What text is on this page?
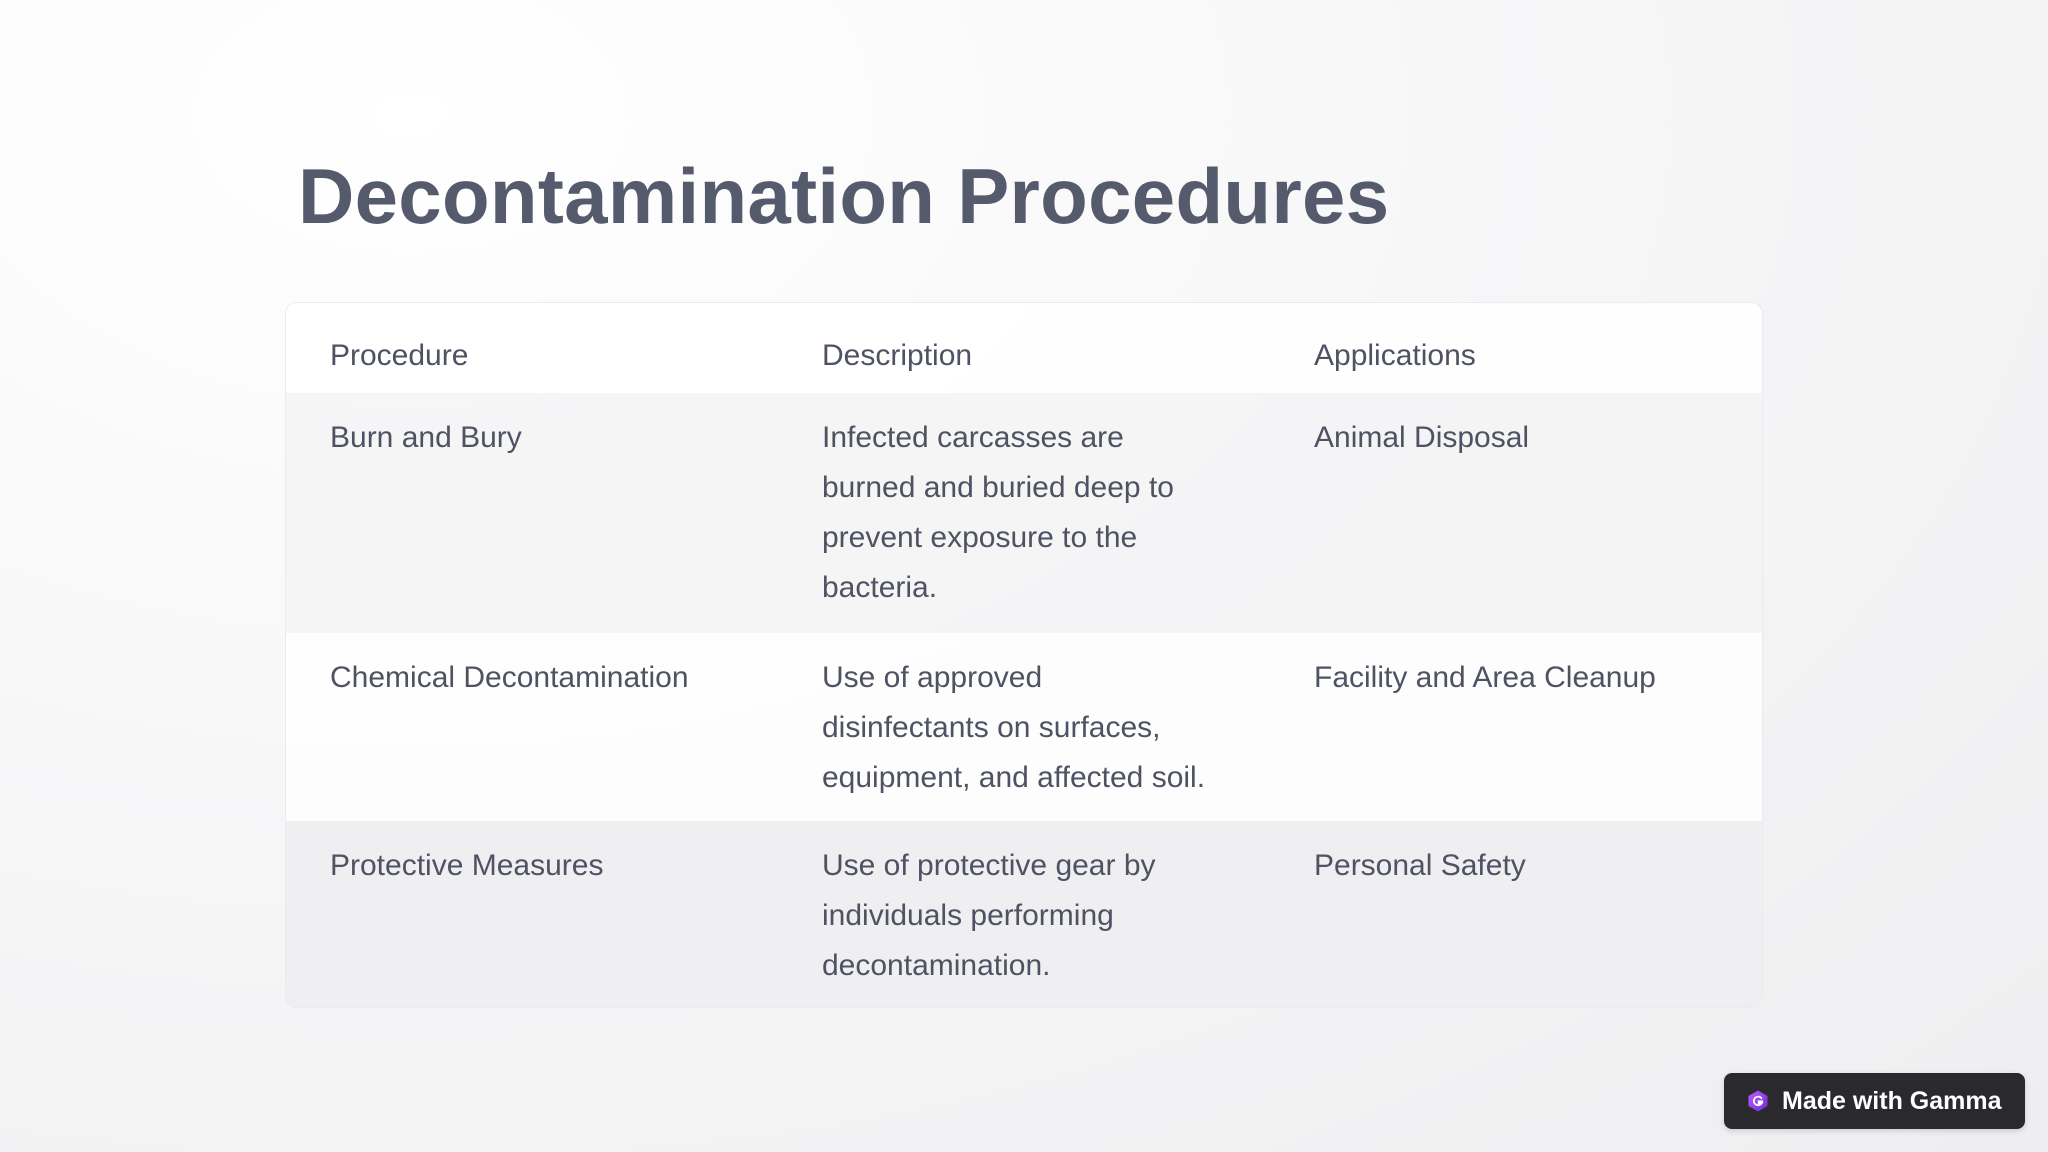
Decontamination Procedures
Procedure	Description	Applications
Burn and Bury	Infected carcasses are burned and buried deep to prevent exposure to the bacteria.	Animal Disposal
Chemical Decontamination	Use of approved disinfectants on surfaces, equipment, and affected soil.	Facility and Area Cleanup
Protective Measures	Use of protective gear by individuals performing decontamination.	Personal Safety
Made with Gamma
